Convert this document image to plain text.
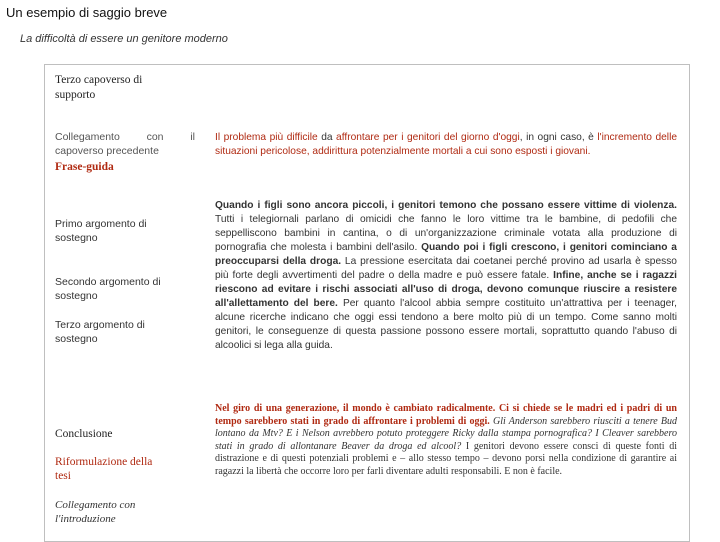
Un esempio di saggio breve
La difficoltà di essere un genitore moderno
Terzo capoverso di supporto
Collegamento con il
capoverso precedente
Frase-guida
Primo argomento di sostegno
Secondo argomento di sostegno
Terzo argomento di sostegno
Conclusione
Riformulazione della tesi
Collegamento con l'introduzione
Il problema più difficile da affrontare per i genitori del giorno d'oggi, in ogni caso, è l'incremento delle situazioni pericolose, addirittura potenzialmente mortali a cui sono esposti i giovani.
Quando i figli sono ancora piccoli, i genitori temono che possano essere vittime di violenza. Tutti i telegiornali parlano di omicidi che fanno le loro vittime tra le bambine, di pedofili che seppelliscono bambini in cantina, o di un'organizzazione criminale votata alla produzione di pornografia che molesta i bambini dell'asilo. Quando poi i figli crescono, i genitori cominciano a preoccuparsi della droga. La pressione esercitata dai coetanei perché provino ad usarla è spesso più forte degli avvertimenti del padre o della madre e può essere fatale. Infine, anche se i ragazzi riescono ad evitare i rischi associati all'uso di droga, devono comunque riuscire a resistere all'allettamento del bere. Per quanto l'alcool abbia sempre costituito un'attrattiva per i teenager, alcune ricerche indicano che oggi essi tendono a bere molto più di un tempo. Come sanno molti genitori, le conseguenze di questa passione possono essere mortali, soprattutto quando l'abuso di alcoolici si lega alla guida.
Nel giro di una generazione, il mondo è cambiato radicalmente. Ci si chiede se le madri ed i padri di un tempo sarebbero stati in grado di affrontare i problemi di oggi. Gli Anderson sarebbero riusciti a tenere Bud lontano da Mtv? E i Nelson avrebbero potuto proteggere Ricky dalla stampa pornografica? I Cleaver sarebbero stati in grado di allontanare Beaver da droga ed alcool? I genitori devono essere consci di queste fonti di distrazione e di questi potenziali problemi e – allo stesso tempo – devono porsi nella condizione di garantire ai ragazzi la libertà che occorre loro per farli diventare adulti responsabili. E non è facile.
